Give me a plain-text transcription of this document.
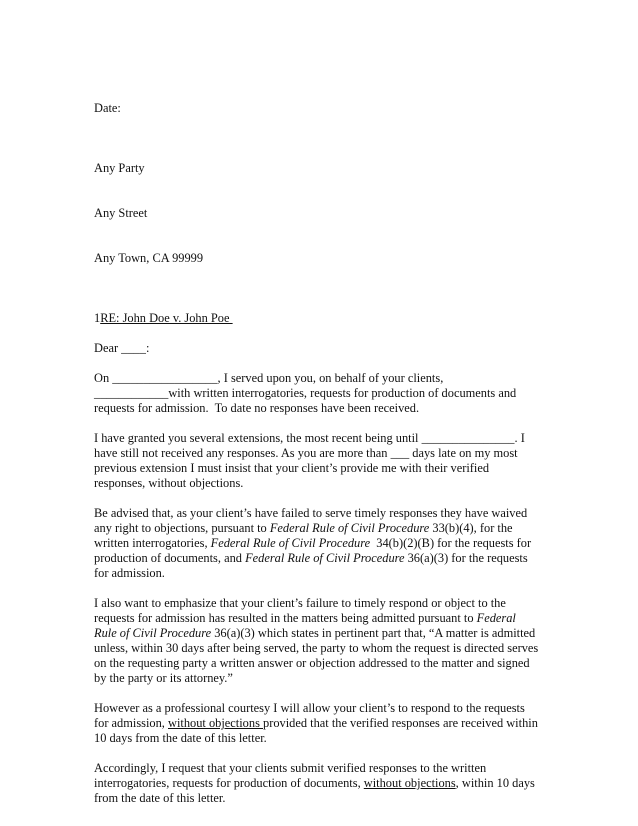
Date:

Any Party

Any Street

Any Town, CA 99999

1RE: John Doe v. John Poe
Dear ____:
On _________________, I served upon you, on behalf of your clients,
____________with written interrogatories, requests for production of documents and
requests for admission.  To date no responses have been received.
I have granted you several extensions, the most recent being until _______________. I
have still not received any responses. As you are more than ___ days late on my most
previous extension I must insist that your client’s provide me with their verified
responses, without objections.
Be advised that, as your client’s have failed to serve timely responses they have waived
any right to objections, pursuant to Federal Rule of Civil Procedure 33(b)(4), for the
written interrogatories, Federal Rule of Civil Procedure  34(b)(2)(B) for the requests for
production of documents, and Federal Rule of Civil Procedure 36(a)(3) for the requests
for admission.
I also want to emphasize that your client’s failure to timely respond or object to the
requests for admission has resulted in the matters being admitted pursuant to Federal
Rule of Civil Procedure 36(a)(3) which states in pertinent part that, “A matter is admitted
unless, within 30 days after being served, the party to whom the request is directed serves
on the requesting party a written answer or objection addressed to the matter and signed
by the party or its attorney.”
However as a professional courtesy I will allow your client’s to respond to the requests
for admission, without objections provided that the verified responses are received within
10 days from the date of this letter.
Accordingly, I request that your clients submit verified responses to the written
interrogatories, requests for production of documents, without objections, within 10 days
from the date of this letter.
